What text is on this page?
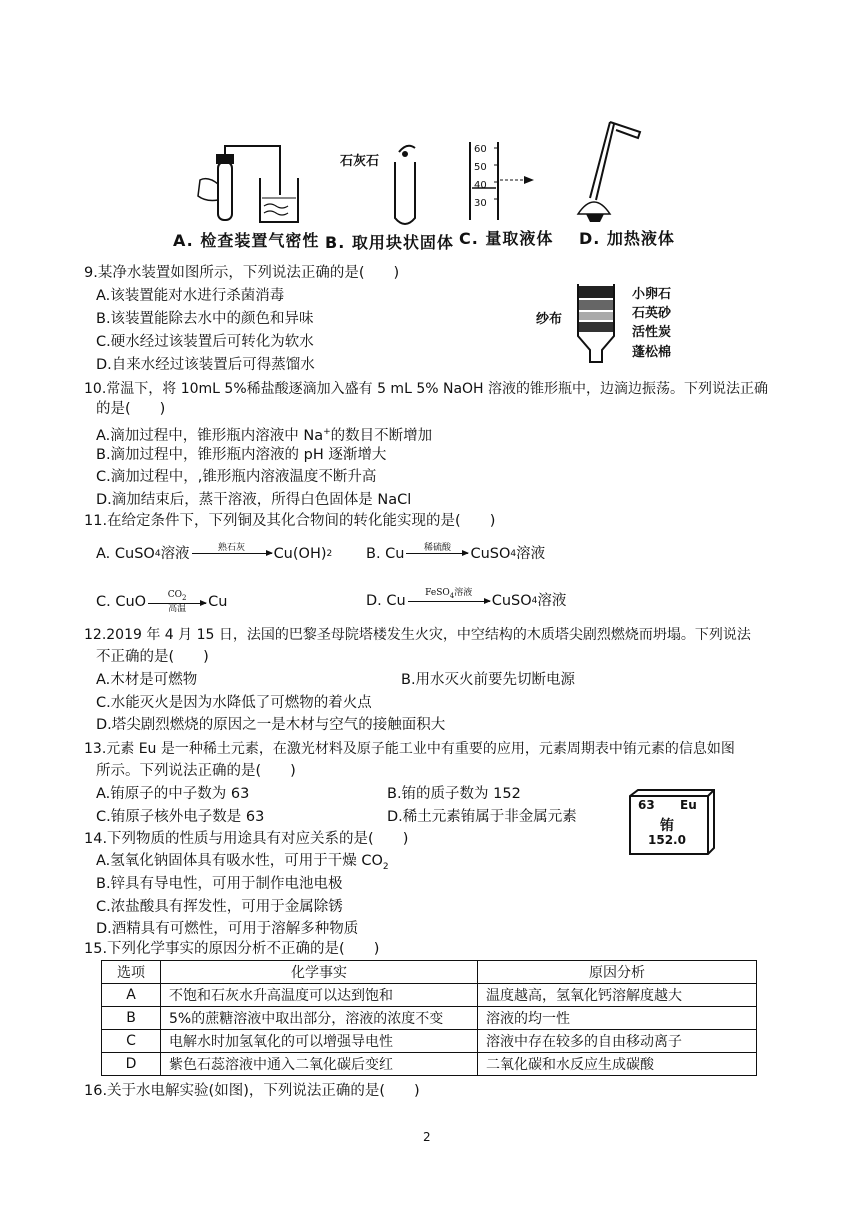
石灰石
60
50
40
30
A. 检查装置气密性 B. 取用块状固体 C. 量取液体 D. 加热液体
9.某净水装置如图所示，下列说法正确的是(　　)
A.该装置能对水进行杀菌消毒
B.该装置能除去水中的颜色和异味
C.硬水经过该装置后可转化为软水
D.自来水经过该装置后可得蒸馏水
纱布
小卵石
石英砂
活性炭
蓬松棉
10.常温下，将 10mL 5%稀盐酸逐滴加入盛有 5 mL 5% NaOH 溶液的锥形瓶中，边滴边振荡。下列说法正确
的是(　　)
A.滴加过程中，锥形瓶内溶液中 Na+的数目不断增加
B.滴加过程中，锥形瓶内溶液的 pH 逐渐增大
C.滴加过程中，,锥形瓶内溶液温度不断升高
D.滴加结束后，蒸干溶液，所得白色固体是 NaCl
11.在给定条件下，下列铜及其化合物间的转化能实现的是(　　)
A. CuSO 4 溶液	熟石灰 Cu(OH) 2 B. Cu 稀硫酸 CuSO 4 溶液
C. CuO $CO_2$
高温 Cu	D. Cu FeSO$_4$溶液 CuSO 4 溶液
12.2019 年 4 月 15 日，法国的巴黎圣母院塔楼发生火灾，中空结构的木质塔尖剧烈燃烧而坍塌。下列说法
不正确的是(　　)
A.木材是可燃物	B.用水灭火前要先切断电源
C.水能灭火是因为水降低了可燃物的着火点
D.塔尖剧烈燃烧的原因之一是木材与空气的接触面积大
13.元素 Eu 是一种稀土元素，在激光材料及原子能工业中有重要的应用，元素周期表中铕元素的信息如图
所示。下列说法正确的是(　　)
A.铕原子的中子数为 63	B.铕的质子数为 152
C.铕原子核外电子数是 63	D.稀土元素铕属于非金属元素
63 Eu
铕
152.0
14.下列物质的性质与用途具有对应关系的是(　　)
A.氢氧化钠固体具有吸水性，可用于干燥 $CO_2$
B.锌具有导电性，可用于制作电池电极
C.浓盐酸具有挥发性，可用于金属除锈
D.酒精具有可燃性，可用于溶解多种物质
15.下列化学事实的原因分析不正确的是(　　)
选项	化学事实	原因分析
A	不饱和石灰水升高温度可以达到饱和	温度越高，氢氧化钙溶解度越大
B	5%的蔗糖溶液中取出部分，溶液的浓度不变	溶液的均一性
C	电解水时加氢氧化的可以增强导电性	溶液中存在较多的自由移动离子
D	紫色石蕊溶液中通入二氧化碳后变红	二氧化碳和水反应生成碳酸
16.关于水电解实验(如图)，下列说法正确的是(　　)
2
